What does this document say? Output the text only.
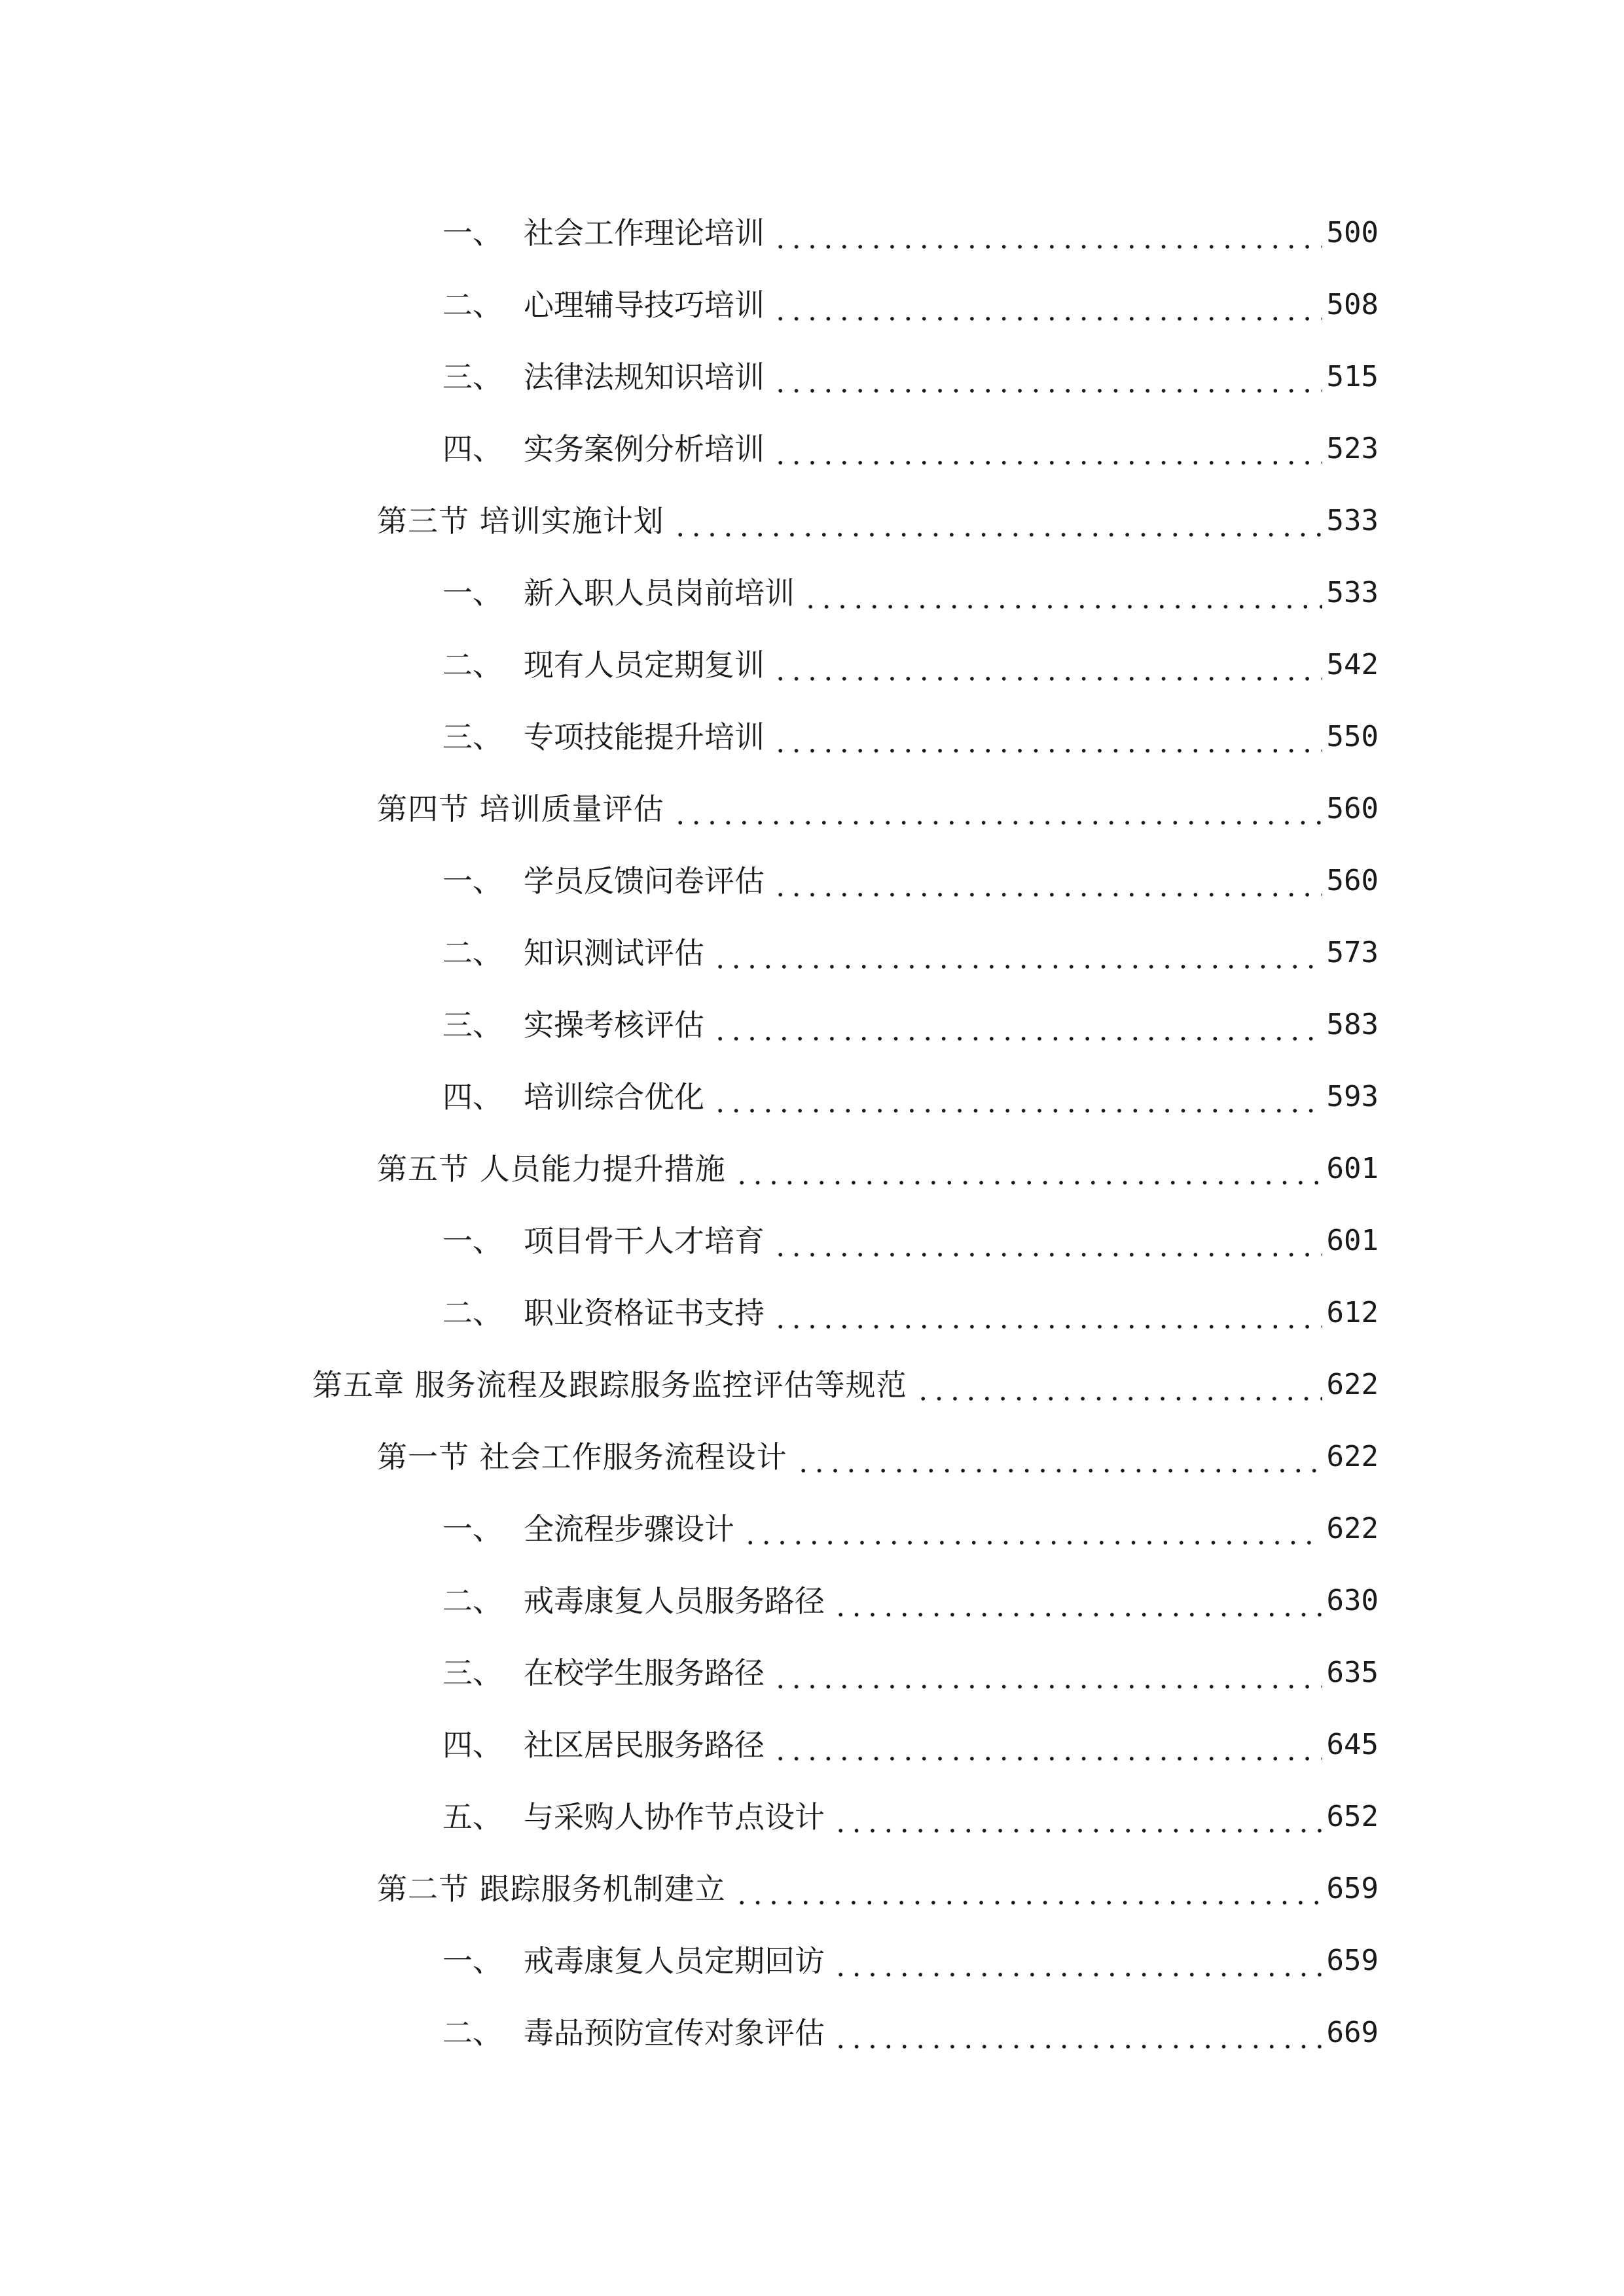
一、 社会工作理论培训	500
二、 心理辅导技巧培训	508
三、 法律法规知识培训	515
四、 实务案例分析培训	523
第三节 培训实施计划	533
一、 新入职人员岗前培训	533
二、 现有人员定期复训	542
三、 专项技能提升培训	550
第四节 培训质量评估	560
一、 学员反馈问卷评估	560
二、 知识测试评估	573
三、 实操考核评估	583
四、 培训综合优化	593
第五节 人员能力提升措施	601
一、 项目骨干人才培育	601
二、 职业资格证书支持	612
第五章 服务流程及跟踪服务监控评估等规范	622
第一节 社会工作服务流程设计	622
一、 全流程步骤设计	622
二、 戒毒康复人员服务路径	630
三、 在校学生服务路径	635
四、 社区居民服务路径	645
五、 与采购人协作节点设计	652
第二节 跟踪服务机制建立	659
一、 戒毒康复人员定期回访	659
二、 毒品预防宣传对象评估	669
